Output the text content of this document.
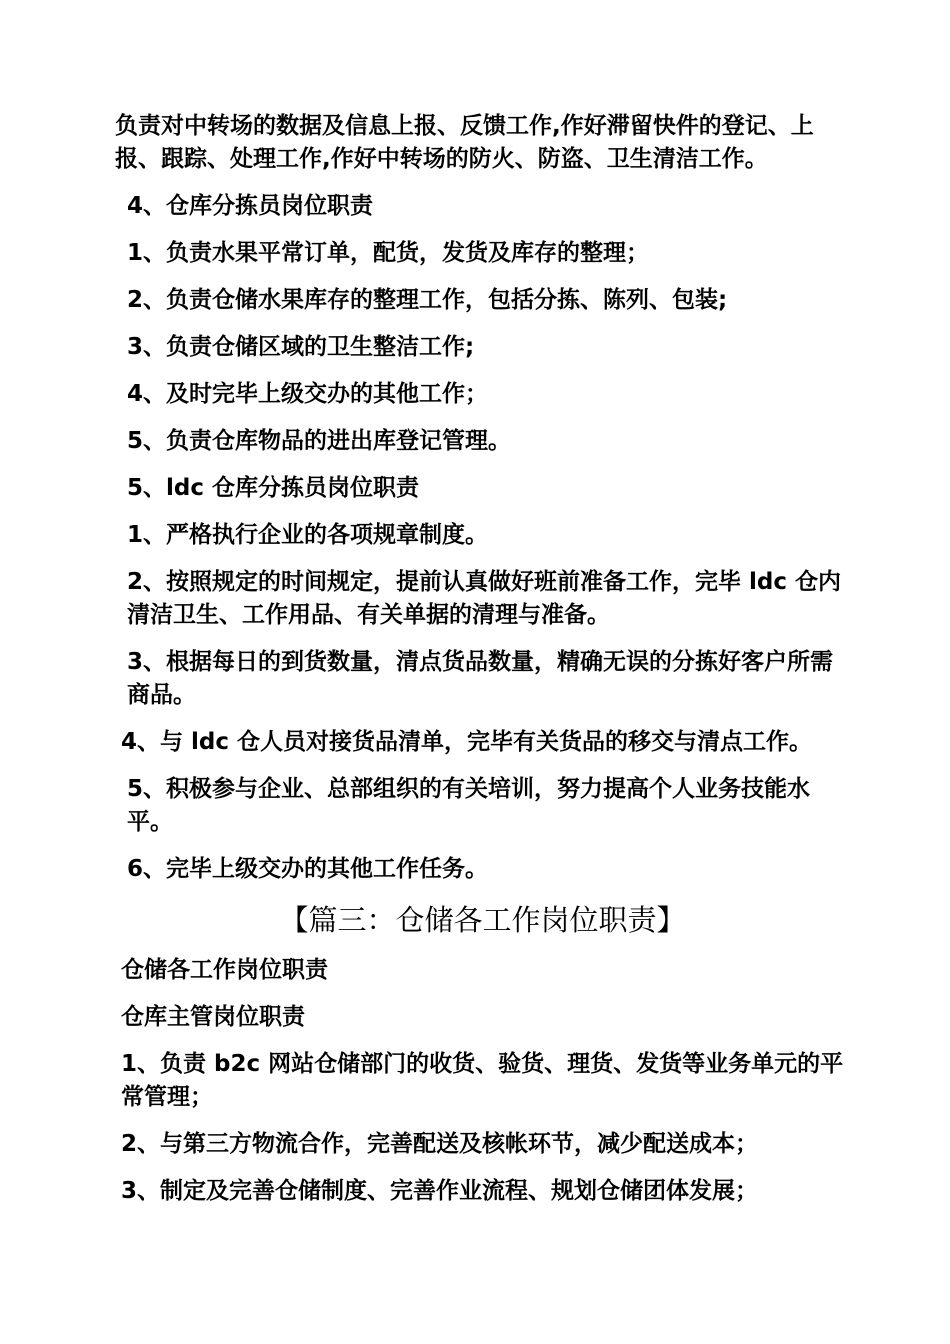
负责对中转场的数据及信息上报、反馈工作,作好滞留快件的登记、上报、跟踪、处理工作,作好中转场的防火、防盗、卫生清洁工作。

4、仓库分拣员岗位职责

1、负责水果平常订单，配货，发货及库存的整理；

2、负责仓储水果库存的整理工作，包括分拣、陈列、包装;

3、负责仓储区域的卫生整洁工作;

4、及时完毕上级交办的其他工作；

5、负责仓库物品的进出库登记管理。

5、ldc 仓库分拣员岗位职责

1、严格执行企业的各项规章制度。

2、按照规定的时间规定，提前认真做好班前准备工作，完毕 ldc 仓内清洁卫生、工作用品、有关单据的清理与准备。

3、根据每日的到货数量，清点货品数量，精确无误的分拣好客户所需商品。

4、与 ldc 仓人员对接货品清单，完毕有关货品的移交与清点工作。

5、积极参与企业、总部组织的有关培训，努力提高个人业务技能水平。

6、完毕上级交办的其他工作任务。

【篇三：仓储各工作岗位职责】

仓储各工作岗位职责

仓库主管岗位职责

1、负责 b2c 网站仓储部门的收货、验货、理货、发货等业务单元的平常管理；

2、与第三方物流合作，完善配送及核帐环节，减少配送成本；

3、制定及完善仓储制度、完善作业流程、规划仓储团体发展；
